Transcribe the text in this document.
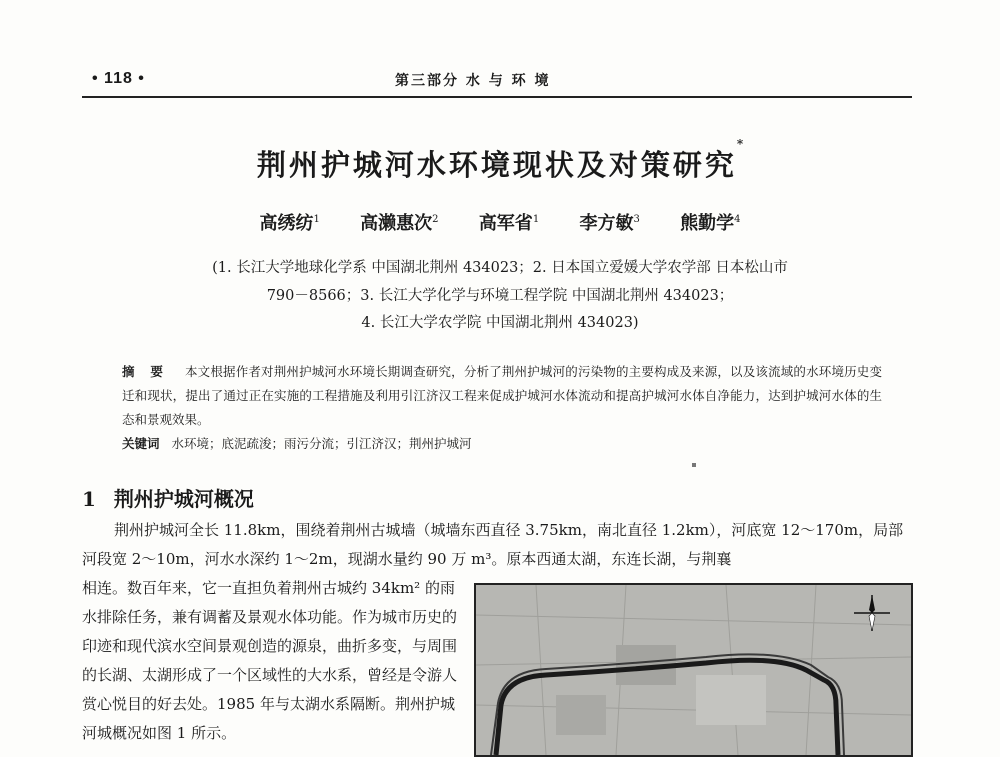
• 118 •	第三部分 水 与 环 境
荆州护城河水环境现状及对策研究*
高绣纺$^1$ 高濑惠次$^2$ 高军省$^1$ 李方敏$^3$ 熊勤学$^4$
(1. 长江大学地球化学系 中国湖北荆州 434023；2. 日本国立爱媛大学农学部 日本松山市
790－8566；3. 长江大学化学与环境工程学院 中国湖北荆州 434023；
4. 长江大学农学院 中国湖北荆州 434023)
摘 要 本文根据作者对荆州护城河水环境长期调查研究，分析了荆州护城河的污染物的主要构成及来源，以及该流域的水环境历史变迁和现状，提出了通过正在实施的工程措施及利用引江济汉工程来促成护城河水体流动和提高护城河水体自净能力，达到护城河水体的生态和景观效果。
关键词 水环境；底泥疏浚；雨污分流；引江济汉；荆州护城河
1 荆州护城河概况
荆州护城河全长 11.8km，围绕着荆州古城墙（城墙东西直径 3.75km，南北直径 1.2km），河底宽 12～170m，局部河段宽 2～10m，河水水深约 1～2m，现湖水量约 90 万 m³。原本西通太湖，东连长湖，与荆襄
相连。数百年来，它一直担负着荆州古城约 34km² 的雨水排除任务，兼有调蓄及景观水体功能。作为城市历史的印迹和现代滨水空间景观创造的源泉，曲折多变，与周围的长湖、太湖形成了一个区域性的大水系，曾经是令游人赏心悦目的好去处。1985 年与太湖水系隔断。荆州护城河城概况如图 1 所示。
